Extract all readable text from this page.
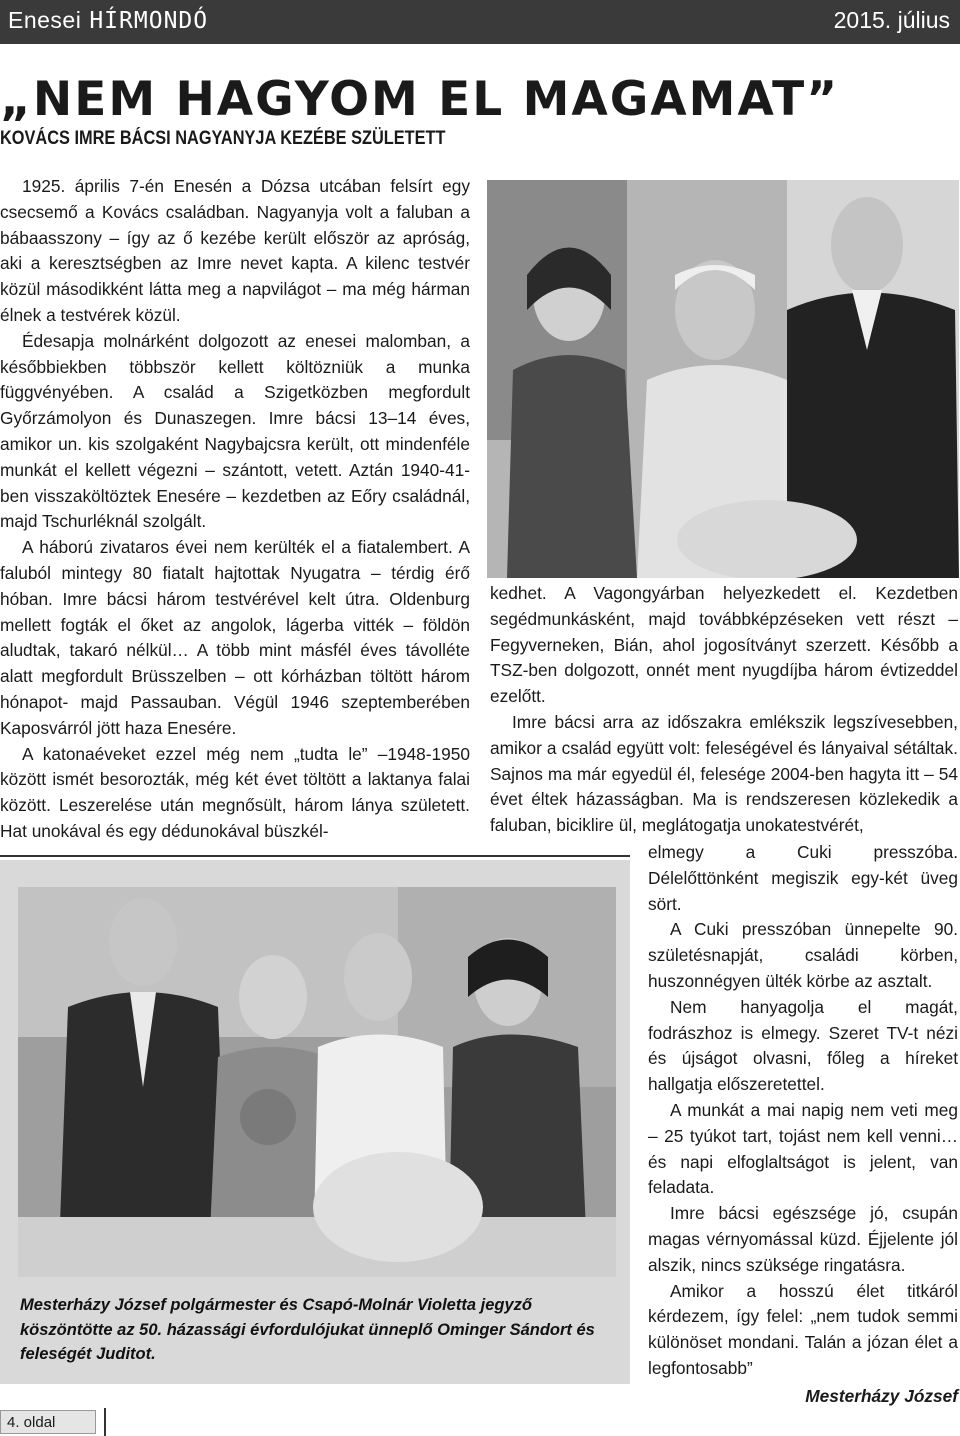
Enesei HÍRMONDÓ	2015. július
„NEM HAGYOM EL MAGAMAT”
KOVÁCS IMRE BÁCSI NAGYANYJA KEZÉBE SZÜLETETT

1925. április 7-én Enesén a Dózsa utcában felsírt egy csecsemő a Kovács családban. Nagyanyja volt a faluban a bábaasszony – így az ő kezébe került először az apróság, aki a keresztségben az Imre nevet kapta. A kilenc testvér közül másodikként látta meg a napvilágot – ma még hárman élnek a testvérek közül.

Édesapja molnárként dolgozott az enesei malomban, a későbbiekben többször kellett költözniük a munka függvényében. A család a Szigetközben megfordult Győrzámolyon és Dunaszegen. Imre bácsi 13–14 éves, amikor un. kis szolgaként Nagybajcsra került, ott mindenféle munkát el kellett végezni – szántott, vetett. Aztán 1940-41-ben visszaköltöztek Enesére – kezdetben az Eőry családnál, majd Tschurléknál szolgált.

A háború zivataros évei nem kerülték el a fiatalembert. A faluból mintegy 80 fiatalt hajtottak Nyugatra – térdig érő hóban. Imre bácsi három testvérével kelt útra. Oldenburg mellett fogták el őket az angolok, lágerba vitték – földön aludtak, takaró nélkül… A több mint másfél éves távolléte alatt megfordult Brüsszelben – ott kórházban töltött három hónapot- majd Passauban. Végül 1946 szeptemberében Kaposvárról jött haza Enesére.

A katonaéveket ezzel még nem „tudta le” –1948-1950 között ismét besorozták, még két évet töltött a laktanya falai között. Leszerelése után megnősült, három lánya született. Hat unokával és egy dédunokával büszkél-

kedhet. A Vagongyárban helyezkedett el. Kezdetben segédmunkásként, majd továbbképzéseken vett részt – Fegyverneken, Bián, ahol jogosítványt szerzett. Később a TSZ-ben dolgozott, onnét ment nyugdíjba három évtizeddel ezelőtt.

Imre bácsi arra az időszakra emlékszik legszívesebben, amikor a család együtt volt: feleségével és lányaival sétáltak. Sajnos ma már egyedül él, felesége 2004-ben hagyta itt – 54 évet éltek házasságban. Ma is rendszeresen közlekedik a faluban, biciklire ül, meglátogatja unokatestvérét,

Mesterházy József polgármester és Csapó-Molnár Violetta jegyző köszöntötte az 50. házassági évfordulójukat ünneplő Ominger Sándort és feleségét Juditot.

elmegy a Cuki presszóba. Délelőttönként megiszik egy-két üveg sört.

A Cuki presszóban ünnepelte 90. születésnapját, családi körben, huszonnégyen ülték körbe az asztalt.

Nem hanyagolja el magát, fodrászhoz is elmegy. Szeret TV-t nézi és újságot olvasni, főleg a híreket hallgatja előszeretettel.

A munkát a mai napig nem veti meg – 25 tyúkot tart, tojást nem kell venni… és napi elfoglaltságot is jelent, van feladata.

Imre bácsi egészsége jó, csupán magas vérnyomással küzd. Éjjelente jól alszik, nincs szüksége ringatásra.

Amikor a hosszú élet titkáról kérdezem, így felel: „nem tudok semmi különöset mondani. Talán a józan élet a legfontosabb”

Mesterházy József

4. oldal
